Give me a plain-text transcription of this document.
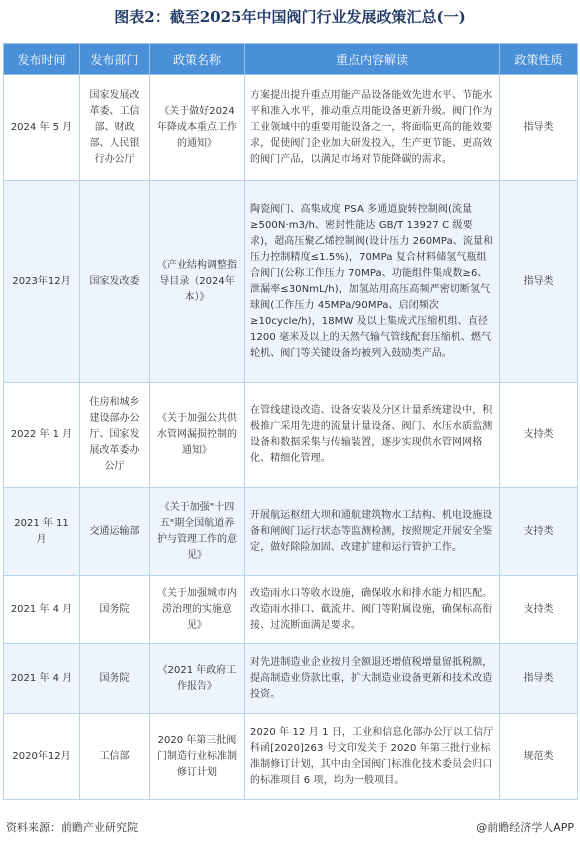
图表2：截至2025年中国阀门行业发展政策汇总(一)
发布时间	发布部门	政策名称	重点内容解读	政策性质
2024 年 5 月	国家发展改革委、工信部、财政部、人民银行办公厅	《关于做好2024 年降成本重点工作的通知》	方案提出提升重点用能产品设备能效先进水平、节能水平和准入水平，推动重点用能设备更新升级。阀门作为工业领域中的重要用能设备之一，将面临更高的能效要求，促使阀门企业加大研发投入，生产更节能、更高效的阀门产品，以满足市场对节能降碳的需求。	指导类
2023年12月	国家发改委	《产业结构调整指导目录（2024年本）》	陶瓷阀门、高集成度 PSA 多通道旋转控制阀(流量≥500N·m3/h、密封性能达 GB/T 13927 C 级要求)，超高压聚乙烯控制阀(设计压力 260MPa、流量和压力控制精度≤1.5%)，70MPa 复合材料储氢气瓶组合阀门(公称工作压力 70MPa、功能组件集成数≥6、泄漏率≤30NmL/h)，加氢站用高压高频严密切断氢气球阀(工作压力 45MPa/90MPa、启闭频次≥10cycle/h)，18MW 及以上集成式压缩机组、直径 1200 毫米及以上的天然气输气管线配套压缩机、燃气轮机、阀门等关键设备均被列入鼓励类产品。	指导类
2022 年 1 月	住房和城乡建设部办公厅、国家发展改革委办公厅	《关于加强公共供水管网漏损控制的通知》	在管线建设改造、设备安装及分区计量系统建设中，积极推广采用先进的流量计量设备、阀门、水压水质监测设备和数据采集与传输装置，逐步实现供水管网网格化、精细化管理。	支持类
2021 年 11 月	交通运输部	《关于加强"十四五"期全国航道养护与管理工作的意见》	开展航运枢纽大坝和通航建筑物水工结构、机电设施设备和闸阀门运行状态等监测检测，按照规定开展安全鉴定，做好除险加固、改建扩建和运行管护工作。	支持类
2021 年 4 月	国务院	《关于加强城市内涝治理的实施意见》	改造雨水口等收水设施，确保收水和排水能力相匹配。改造雨水排口、截流井、阀门等附属设施，确保标高衔接、过流断面满足要求。	支持类
2021 年 4 月	国务院	《2021 年政府工作报告》	对先进制造业企业按月全额退还增值税增量留抵税额，提高制造业贷款比重，扩大制造业设备更新和技术改造投资。	指导类
2020年12月	工信部	2020 年第三批阀门制造行业标准制修订计划	2020 年 12 月 1 日，工业和信息化部办公厅以工信厅科函[2020]263 号文印发关于 2020 年第三批行业标准制修订计划，其中由全国阀门标准化技术委员会归口的标准项目 6 项，均为一般项目。	规范类
资料来源：前瞻产业研究院	@前瞻经济学人APP
